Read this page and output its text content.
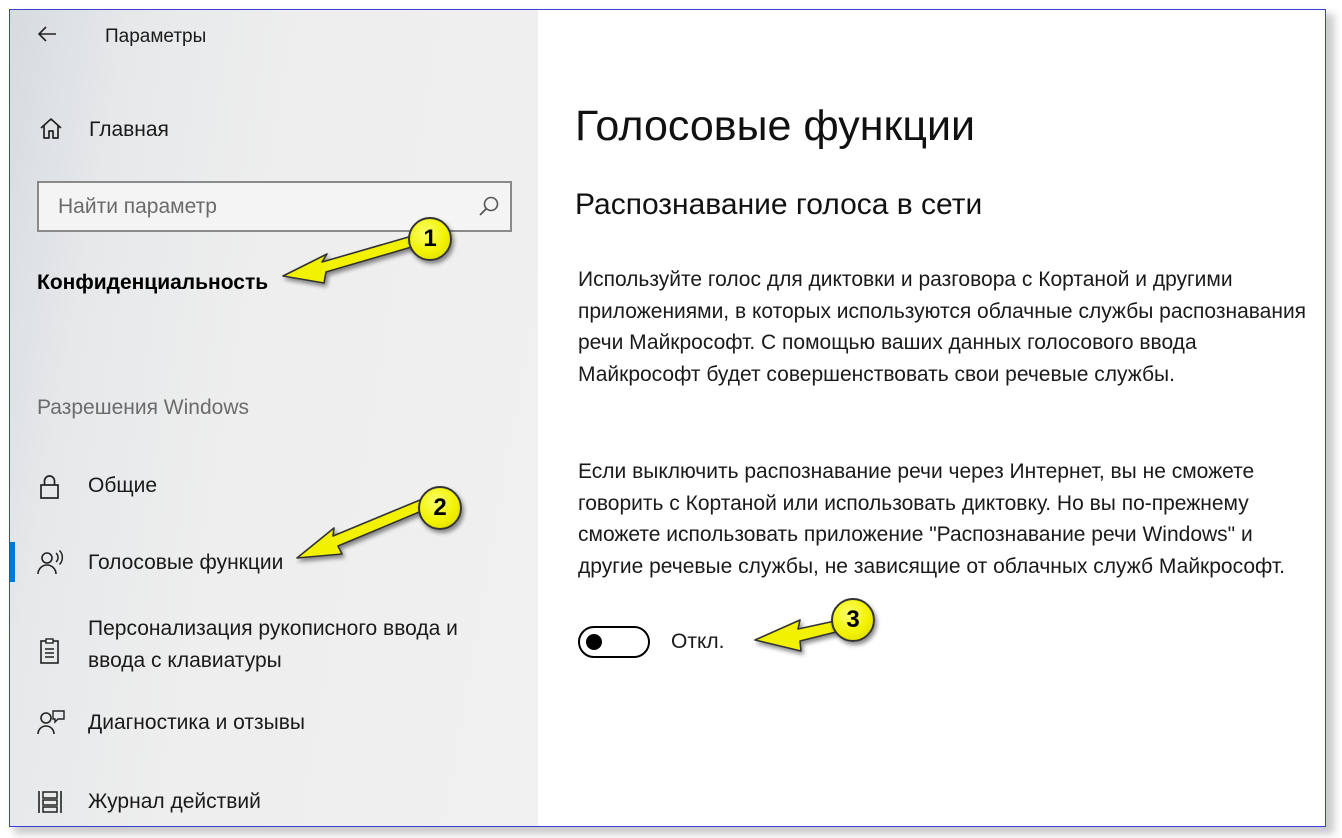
Параметры
Главная
Найти параметр
Конфиденциальность
Разрешения Windows
Общие
Голосовые функции
Персонализация рукописного ввода и ввода с клавиатуры
Диагностика и отзывы
Журнал действий
Голосовые функции
Распознавание голоса в сети
Используйте голос для диктовки и разговора с Кортаной и другими приложениями, в которых используются облачные службы распознавания речи Майкрософт. С помощью ваших данных голосового ввода Майкрософт будет совершенствовать свои речевые службы.
Если выключить распознавание речи через Интернет, вы не сможете говорить с Кортаной или использовать диктовку. Но вы по-прежнему сможете использовать приложение "Распознавание речи Windows" и другие речевые службы, не зависящие от облачных служб Майкрософт.
Откл.
1
2
3
